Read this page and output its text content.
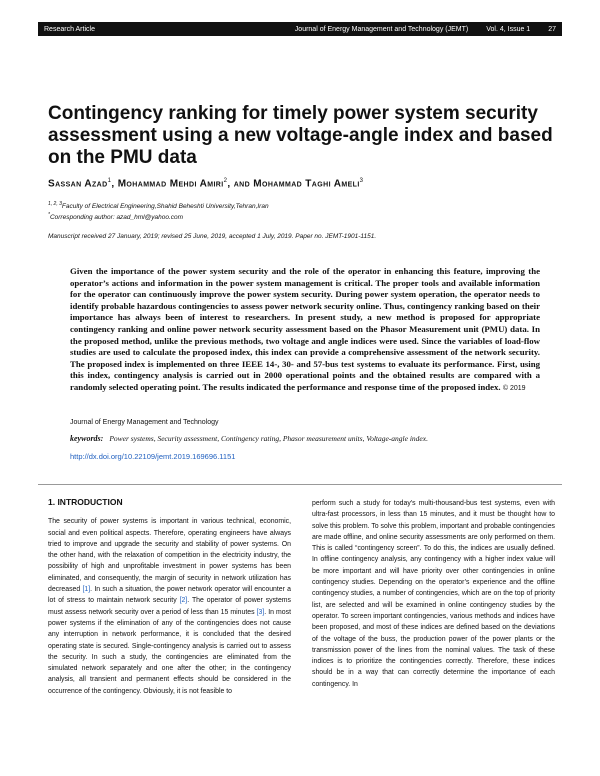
Research Article	Journal of Energy Management and Technology (JEMT)	Vol. 4, Issue 1	27
Contingency ranking for timely power system security assessment using a new voltage-angle index and based on the PMU data
Sassan Azad$^1$, Mohammad Mehdi Amiri$^2$, and Mohammad Taghi Ameli$^3$
$^{1, 2, 3}$Faculty of Electrical Engineering,Shahid Beheshti University,Tehran,Iran
*Corresponding author: azad_hml@yahoo.com
Manuscript received 27 January, 2019; revised 25 June, 2019, accepted 1 July, 2019. Paper no. JEMT-1901-1151.

Given the importance of the power system security and the role of the operator in enhancing this feature, improving the operator’s actions and information in the power system management is critical. The proper tools and available information for the operator can continuously improve the power system security. During power system operation, the operator needs to identify probable hazardous contingencies to assess power network security online. Thus, contingency ranking based on their importance has always been of interest to researchers. In present study, a new method is proposed for appropriate contingency ranking and online power network security assessment based on the Phasor Measurement unit (PMU) data. In the proposed method, unlike the previous methods, two voltage and angle indices were used. Since the variables of load-flow studies are used to calculate the proposed index, this index can provide a comprehensive assessment of the network security. The proposed index is implemented on three IEEE 14-, 30- and 57-bus test systems to evaluate its performance. First, using this index, contingency analysis is carried out in 2000 operational points and the obtained results are compared with a randomly selected operating point. The results indicated the performance and response time of the proposed index. © 2019

Journal of Energy Management and Technology
keywords: Power systems, Security assessment, Contingency rating, Phasor measurement units, Voltage-angle index.
http://dx.doi.org/10.22109/jemt.2019.169696.1151
1. INTRODUCTION

The security of power systems is important in various technical, economic, social and even political aspects. Therefore, operating engineers have always tried to improve and upgrade the security and stability of power systems. On the other hand, with the relaxation of competition in the electricity industry, the possibility of high and unprofitable investment in power systems has been eliminated, and consequently, the margin of security in network utilization has decreased [1]. In such a situation, the power network operator will encounter a lot of stress to maintain network security [2]. The operator of power systems must assess network security over a period of less than 15 minutes [3]. In most power systems if the elimination of any of the contingencies does not cause any interruption in network performance, it is concluded that the desired operating state is secured. Single-contingency analysis is carried out to assess the security. In such a study, the contingencies are eliminated from the simulated network separately and one after the other; in the contingency analysis, all transient and permanent effects should be considered in the occurrence of the contingency. Obviously, it is not feasible to

perform such a study for today’s multi-thousand-bus test systems, even with ultra-fast processors, in less than 15 minutes, and it must be thought how to solve this problem. To solve this problem, important and probable contingencies are made offline, and online security assessments are only performed on them. This is called “contingency screen”. To do this, the indices are usually defined. In offline contingency analysis, any contingency with a higher index value will be more important and will have priority over other contingencies in online contingency studies. Depending on the operator’s experience and the offline contingency studies, a number of contingencies, which are on the top of priority list, are selected and will be examined in online contingency studies by the operator. To screen important contingencies, various methods and indices have been proposed, and most of these indices are defined based on the deviations of the voltage of the buss, the production power of the power plants or the transmission power of the lines from the nominal values. The task of these indices is to prioritize the contingencies correctly. Therefore, these indices should be in a way that can correctly determine the importance of each contingency. In
